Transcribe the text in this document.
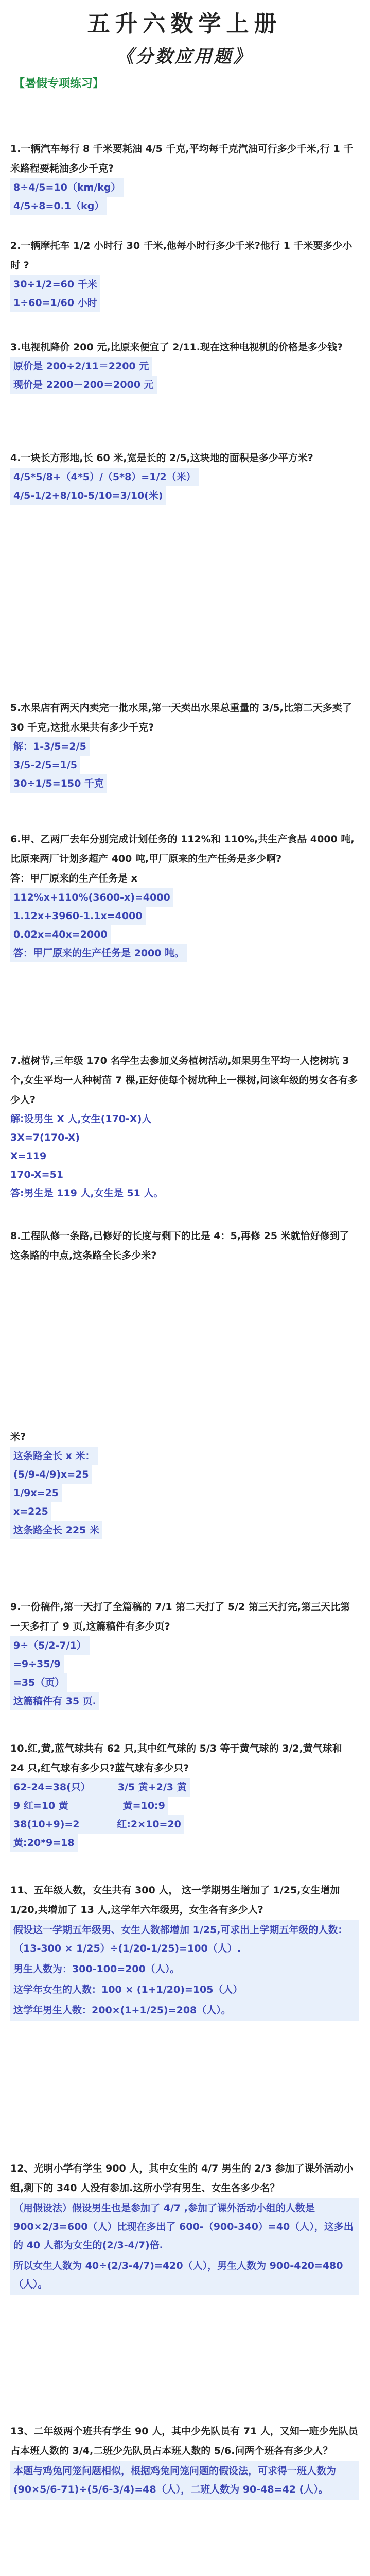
五升六数学上册
《分数应用题》
【暑假专项练习】
1.一辆汽车每行 8 千米要耗油 4/5 千克,平均每千克汽油可行多少千米,行 1 千米路程要耗油多少千克?
8÷4/5=10（km/kg）
4/5÷8=0.1（kg）
2.一辆摩托车 1/2 小时行 30 千米,他每小时行多少千米?他行 1 千米要多少小时 ?
30÷1/2=60 千米
1÷60=1/60 小时
3.电视机降价 200 元,比原来便宜了 2/11.现在这种电视机的价格是多少钱?
原价是 200÷2/11＝2200 元
现价是 2200－200＝2000 元
4.一块长方形地,长 60 米,宽是长的 2/5,这块地的面积是多少平方米?
4/5*5/8+（4*5）/（5*8）=1/2（米）
4/5-1/2+8/10-5/10=3/10(米)
5.水果店有两天内卖完一批水果,第一天卖出水果总重量的 3/5,比第二天多卖了 30 千克,这批水果共有多少千克?
解：1-3/5=2/5
3/5-2/5=1/5
30÷1/5=150 千克
6.甲、乙两厂去年分别完成计划任务的 112%和 110%,共生产食品 4000 吨,比原来两厂计划多超产 400 吨,甲厂原来的生产任务是多少啊?
答：甲厂原来的生产任务是 x
112%x+110%(3600-x)=4000
1.12x+3960-1.1x=4000
0.02x=40x=2000
答：甲厂原来的生产任务是 2000 吨。
7.植树节,三年级 170 名学生去参加义务植树活动,如果男生平均一人挖树坑 3 个,女生平均一人种树苗 7 棵,正好使每个树坑种上一棵树,问该年级的男女各有多少人?
解:设男生 X 人,女生(170-X)人
3X=7(170-X)
X=119
170-X=51
答:男生是 119 人,女生是 51 人。
8.工程队修一条路,已修好的长度与剩下的比是 4：5,再修 25 米就恰好修到了这条路的中点,这条路全长多少米?
米?
这条路全长 x 米：
(5/9-4/9)x=25
1/9x=25
x=225
这条路全长 225 米
9.一份稿件,第一天打了全篇稿的 7/1 第二天打了 5/2 第三天打完,第三天比第一天多打了 9 页,这篇稿件有多少页?
9÷（5/2-7/1）
=9÷35/9
=35（页）
这篇稿件有 35 页.
10.红,黄,蓝气球共有 62 只,其中红气球的 5/3 等于黄气球的 3/2,黄气球和 24 只,红气球有多少只?蓝气球有多少只?
62-24=38(只）        3/5 黄+2/3 黄
9 红=10 黄                黄=10:9
38(10+9)=2           红:2×10=20
黄:20*9=18
11、五年级人数，女生共有 300 人， 这一学期男生增加了 1/25,女生增加 1/20,共增加了 13 人,这学年六年级男，女生各有多少人?
假设这一学期五年级男、女生人数都增加 1/25,可求出上学期五年级的人数：（13-300 × 1/25）÷(1/20-1/25)=100（人）.
男生人数为：300-100=200（人）。
这学年女生的人数：100 × (1+1/20)=105（人）
这学年男生人数：200×(1+1/25)=208（人）。
12、光明小学有学生 900 人，其中女生的 4/7 男生的 2/3 参加了课外活动小组,剩下的 340 人没有参加.这所小学有男生、女生各多少名？
（用假设法）假设男生也是参加了 4/7 ,参加了课外活动小组的人数是 900×2/3=600（人）比现在多出了 600-（900-340）=40（人），这多出的 40 人都为女生的(2/3-4/7)倍.
所以女生人数为 40÷(2/3-4/7)=420（人），男生人数为 900-420=480（人）。
13、二年级两个班共有学生 90 人，其中少先队员有 71 人，又知一班少先队员占本班人数的 3/4,二班少先队员占本班人数的 5/6.问两个班各有多少人？
本题与鸡兔同笼问题相似，根据鸡兔同笼问题的假设法，可求得一班人数为(90×5/6-71)÷(5/6-3/4)=48（人），二班人数为 90-48=42 (人）。
